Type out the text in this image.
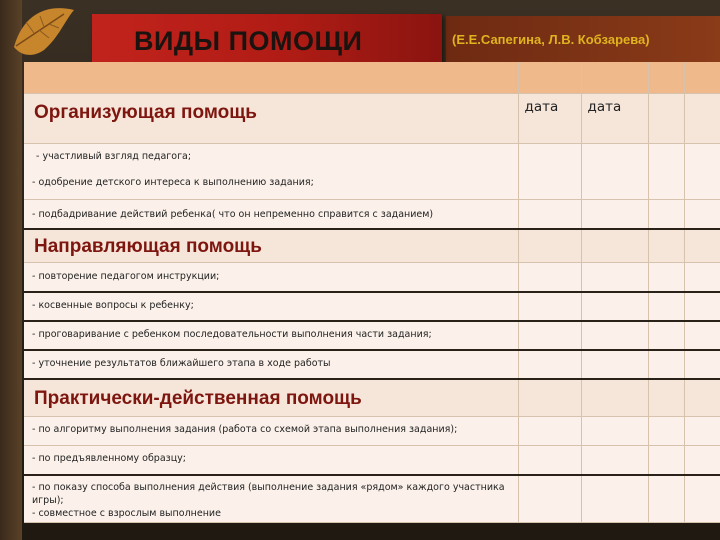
ВИДЫ ПОМОЩИ	(Е.Е.Сапегина, Л.В. Кобзарева)

Организующая помощь	дата	дата			

- участливый взгляд педагога;
- одобрение детского интереса к выполнению задания;					

- подбадривание действий ребенка( что он непременно справится с заданием)					

Направляющая помощь					

- повторение педагогом инструкции;					

- косвенные вопросы к ребенку;					

- проговаривание с ребенком последовательности выполнения части задания;					

- уточнение результатов ближайшего этапа в ходе работы					

Практически-действенная помощь					

- по алгоритму выполнения задания (работа со схемой этапа выполнения задания);					

- по предъявленному образцу;					

- по показу способа выполнения действия (выполнение задания «рядом» каждого участника игры);
- совместное с взрослым выполнение					
